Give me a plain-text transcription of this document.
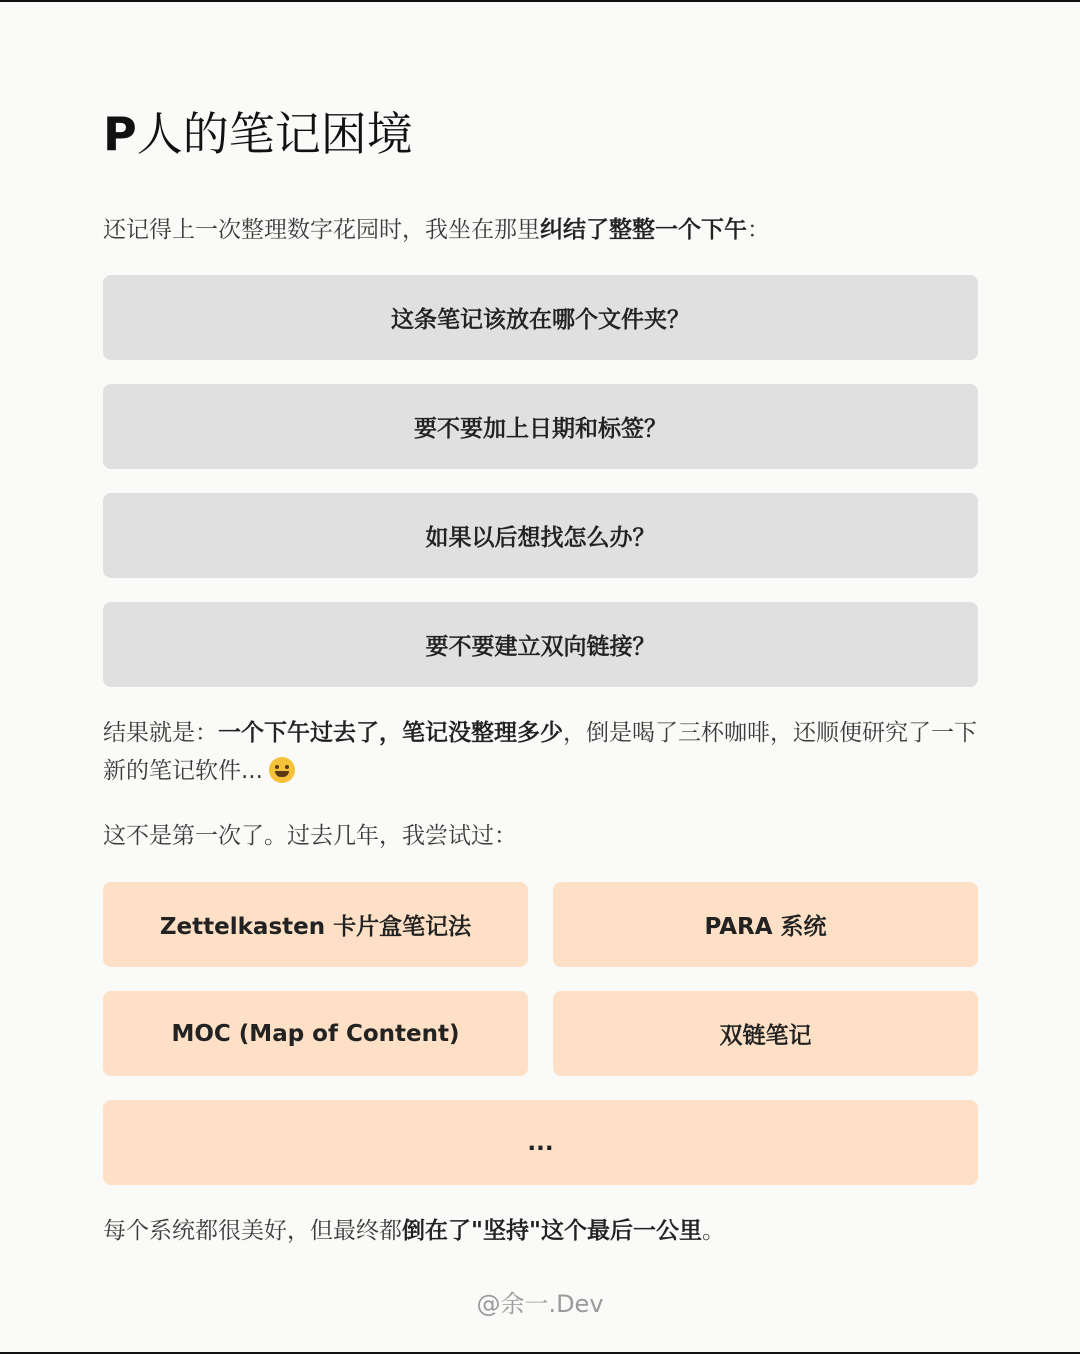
P人的笔记困境
还记得上一次整理数字花园时，我坐在那里纠结了整整一个下午：
这条笔记该放在哪个文件夹？
要不要加上日期和标签？
如果以后想找怎么办？
要不要建立双向链接？
结果就是：一个下午过去了，笔记没整理多少，倒是喝了三杯咖啡，还顺便研究了一下新的笔记软件...
这不是第一次了。过去几年，我尝试过：
Zettelkasten 卡片盒笔记法	PARA 系统
MOC (Map of Content)	双链笔记
...
每个系统都很美好，但最终都倒在了"坚持"这个最后一公里。
@余一.Dev
